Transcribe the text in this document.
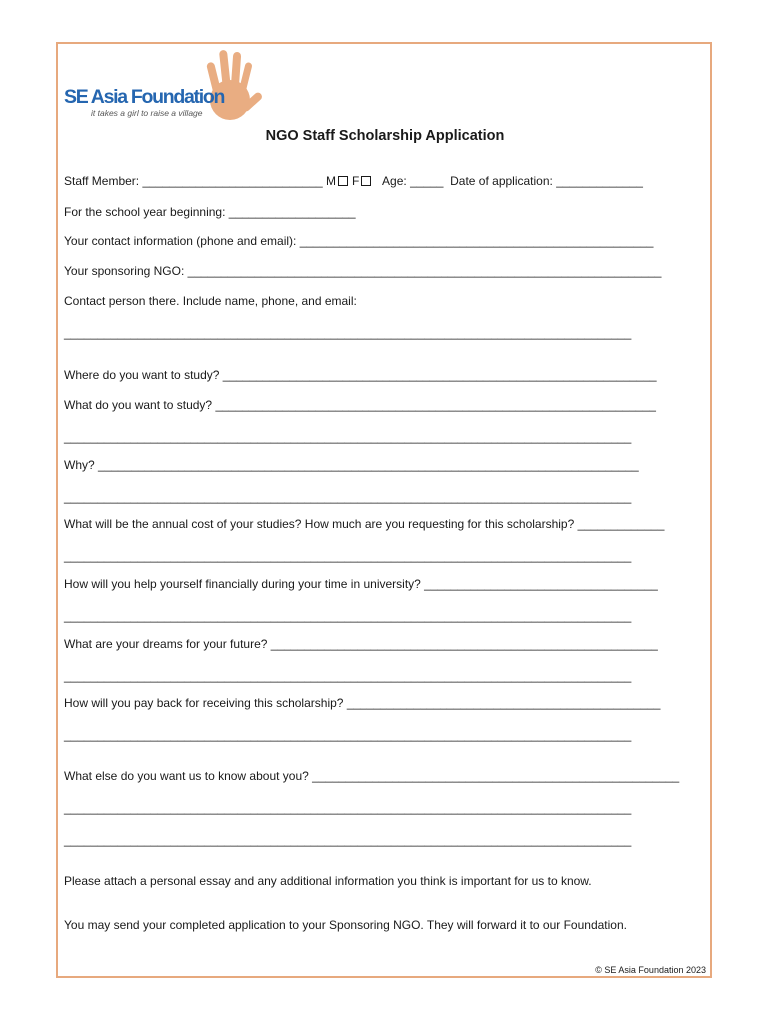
SE Asia Foundation
it takes a girl to raise a village
NGO Staff Scholarship Application
Staff Member: ___________________________ M F Age: _____ Date of application: _____________
For the school year beginning: ___________________
Your contact information (phone and email): _____________________________________________________
Your sponsoring NGO: _______________________________________________________________________
Contact person there. Include name, phone, and email:
_____________________________________________________________________________________
Where do you want to study? _________________________________________________________________
What do you want to study? __________________________________________________________________
_____________________________________________________________________________________
Why? _________________________________________________________________________________
_____________________________________________________________________________________
What will be the annual cost of your studies? How much are you requesting for this scholarship? _____________
_____________________________________________________________________________________
How will you help yourself financially during your time in university? ___________________________________
_____________________________________________________________________________________
What are your dreams for your future? __________________________________________________________
_____________________________________________________________________________________
How will you pay back for receiving this scholarship? _______________________________________________
_____________________________________________________________________________________
What else do you want us to know about you? _______________________________________________________
_____________________________________________________________________________________
_____________________________________________________________________________________
Please attach a personal essay and any additional information you think is important for us to know.
You may send your completed application to your Sponsoring NGO. They will forward it to our Foundation.
© SE Asia Foundation 2023
